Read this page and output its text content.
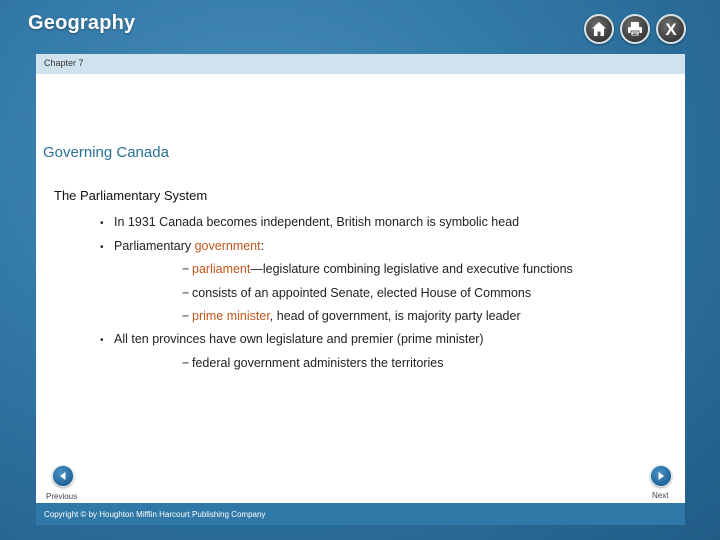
Geography	X
Chapter 7
Governing Canada
The Parliamentary System
• In 1931 Canada becomes independent, British monarch is symbolic head
• Parliamentary government:
− parliament—legislature combining legislative and executive functions
− consists of an appointed Senate, elected House of Commons
− prime minister, head of government, is majority party leader
• All ten provinces have own legislature and premier (prime minister)
− federal government administers the territories
Previous	Next
Copyright © by Houghton Mifflin Harcourt Publishing Company
